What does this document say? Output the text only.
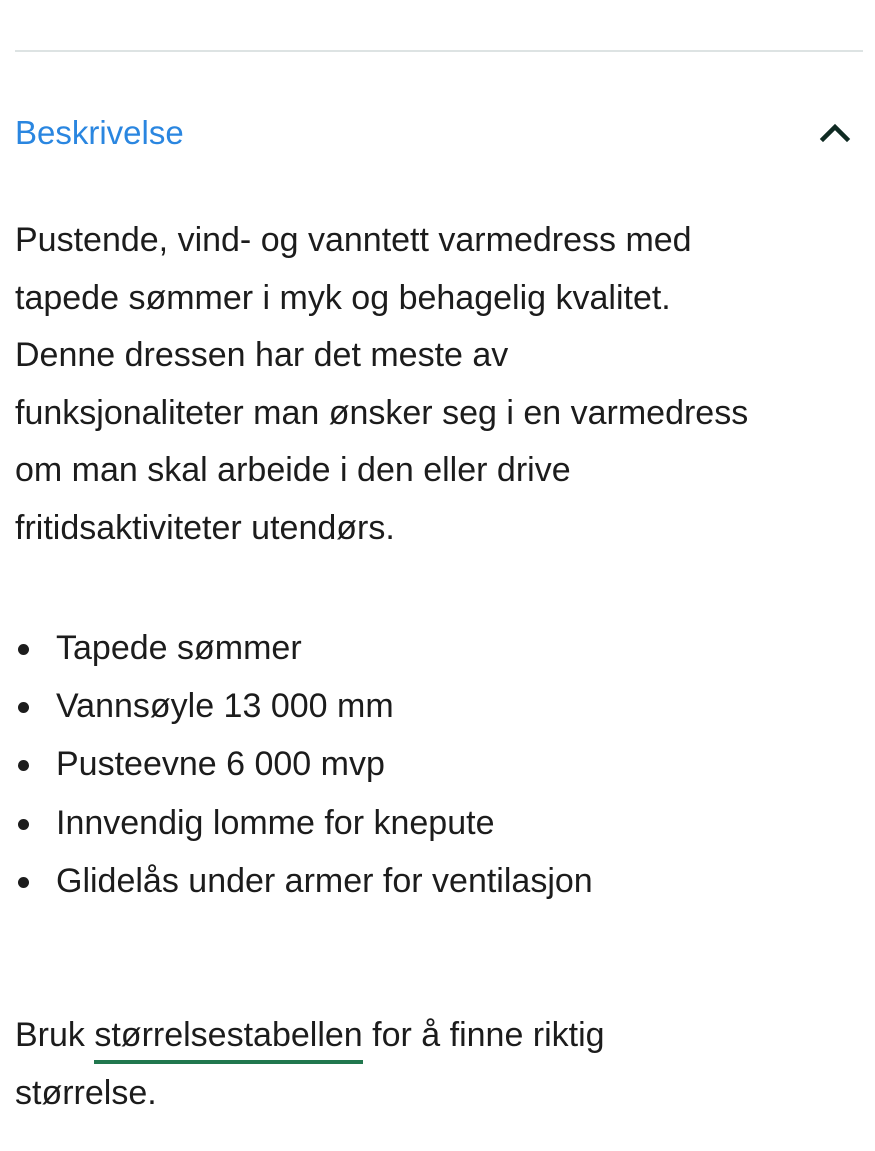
Beskrivelse
Pustende, vind- og vanntett varmedress med
tapede sømmer i myk og behagelig kvalitet.
Denne dressen har det meste av
funksjonaliteter man ønsker seg i en varmedress
om man skal arbeide i den eller drive
fritidsaktiviteter utendørs.
Tapede sømmer
Vannsøyle 13 000 mm
Pusteevne 6 000 mvp
Innvendig lomme for knepute
Glidelås under armer for ventilasjon
Bruk størrelsestabellen for å finne riktig
størrelse.
